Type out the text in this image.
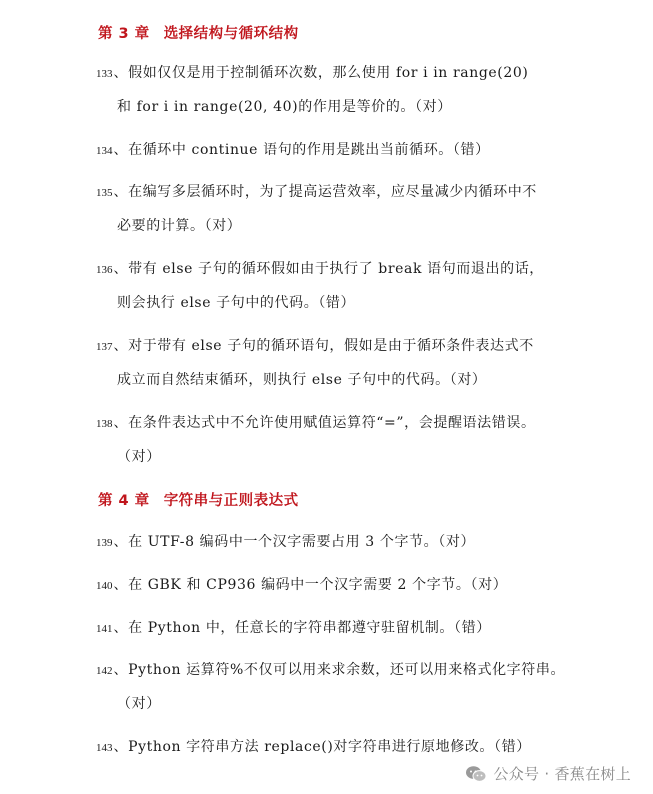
第 3 章 选择结构与循环结构
133、假如仅仅是用于控制循环次数，那么使用 for i in range(20)
和 for i in range(20, 40)的作用是等价的。（对）
134、在循环中 continue 语句的作用是跳出当前循环。（错）
135、在编写多层循环时，为了提高运营效率，应尽量减少内循环中不
必要的计算。（对）
136、带有 else 子句的循环假如由于执行了 break 语句而退出的话，
则会执行 else 子句中的代码。（错）
137、对于带有 else 子句的循环语句，假如是由于循环条件表达式不
成立而自然结束循环，则执行 else 子句中的代码。（对）
138、在条件表达式中不允许使用赋值运算符“=”，会提醒语法错误。
（对）
第 4 章 字符串与正则表达式
139、在 UTF-8 编码中一个汉字需要占用 3 个字节。（对）
140、在 GBK 和 CP936 编码中一个汉字需要 2 个字节。（对）
141、在 Python 中，任意长的字符串都遵守驻留机制。（错）
142、Python 运算符%不仅可以用来求余数，还可以用来格式化字符串。
（对）
143、Python 字符串方法 replace()对字符串进行原地修改。（错）
公众号 · 香蕉在树上
